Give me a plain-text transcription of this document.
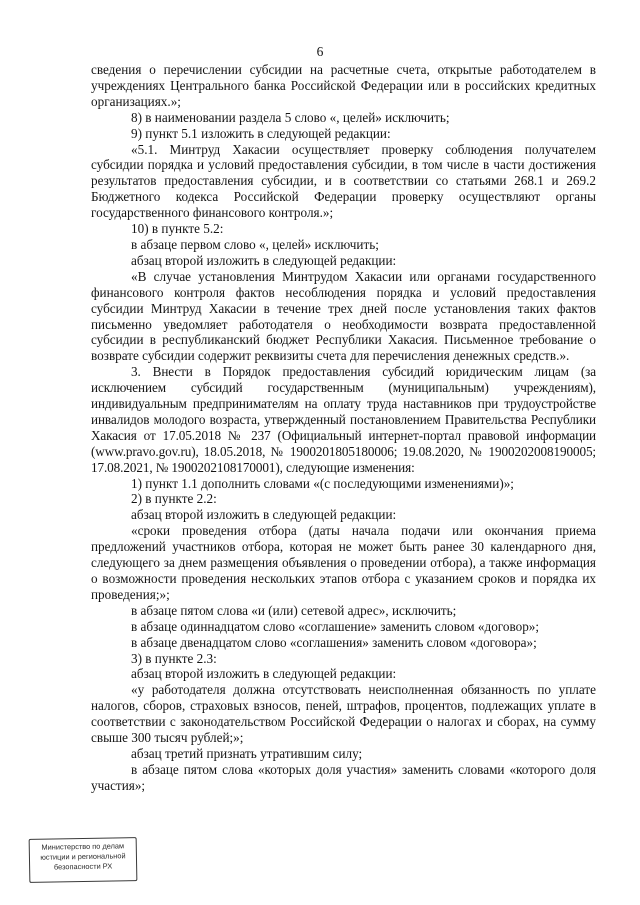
6

сведения о перечислении субсидии на расчетные счета, открытые работодателем в учреждениях Центрального банка Российской Федерации или в российских кредитных организациях.»;

8) в наименовании раздела 5 слово «, целей» исключить;

9) пункт 5.1 изложить в следующей редакции:

«5.1. Минтруд Хакасии осуществляет проверку соблюдения получателем субсидии порядка и условий предоставления субсидии, в том числе в части достижения результатов предоставления субсидии, и в соответствии со статьями 268.1 и 269.2 Бюджетного кодекса Российской Федерации проверку осуществляют органы государственного финансового контроля.»;

10) в пункте 5.2:

в абзаце первом слово «, целей» исключить;

абзац второй изложить в следующей редакции:

«В случае установления Минтрудом Хакасии или органами государственного финансового контроля фактов несоблюдения порядка и условий предоставления субсидии Минтруд Хакасии в течение трех дней после установления таких фактов письменно уведомляет работодателя о необходимости возврата предоставленной субсидии в республиканский бюджет Республики Хакасия. Письменное требование о возврате субсидии содержит реквизиты счета для перечисления денежных средств.».

3. Внести в Порядок предоставления субсидий юридическим лицам (за исключением субсидий государственным (муниципальным) учреждениям), индивидуальным предпринимателям на оплату труда наставников при трудоустройстве инвалидов молодого возраста, утвержденный постановлением Правительства Республики Хакасия от 17.05.2018 № 237 (Официальный интернет-портал правовой информации (www.pravo.gov.ru), 18.05.2018, № 1900201805180006; 19.08.2020, № 1900202008190005; 17.08.2021, № 1900202108170001), следующие изменения:

1) пункт 1.1 дополнить словами «(с последующими изменениями)»;

2) в пункте 2.2:

абзац второй изложить в следующей редакции:

«сроки проведения отбора (даты начала подачи или окончания приема предложений участников отбора, которая не может быть ранее 30 календарного дня, следующего за днем размещения объявления о проведении отбора), а также информация о возможности проведения нескольких этапов отбора с указанием сроков и порядка их проведения;»;

в абзаце пятом слова «и (или) сетевой адрес», исключить;

в абзаце одиннадцатом слово «соглашение» заменить словом «договор»;

в абзаце двенадцатом слово «соглашения» заменить словом «договора»;

3) в пункте 2.3:

абзац второй изложить в следующей редакции:

«у работодателя должна отсутствовать неисполненная обязанность по уплате налогов, сборов, страховых взносов, пеней, штрафов, процентов, подлежащих уплате в соответствии с законодательством Российской Федерации о налогах и сборах, на сумму свыше 300 тысяч рублей;»;

абзац третий признать утратившим силу;

в абзаце пятом слова «которых доля участия» заменить словами «которого доля участия»;

Министерство по делам
юстиции и региональной
безопасности РХ
